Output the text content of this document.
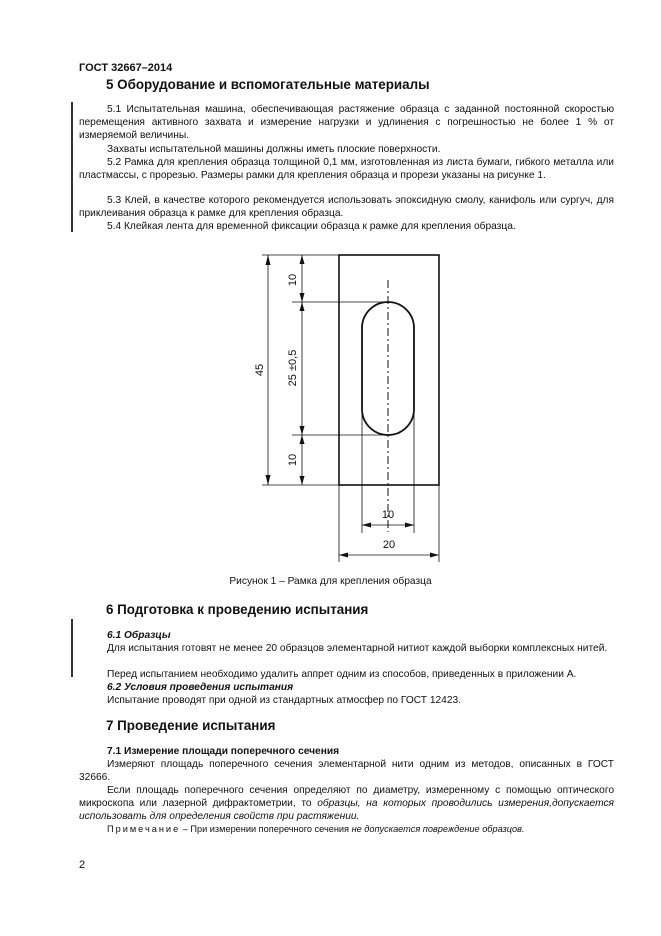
ГОСТ 32667–2014
5 Оборудование и вспомогательные материалы

5.1 Испытательная машина, обеспечивающая растяжение образца с заданной постоянной скоростью перемещения активного захвата и измерение нагрузки и удлинения с погрешностью не более 1 % от измеряемой величины.

Захваты испытательной машины должны иметь плоские поверхности.

5.2 Рамка для крепления образца толщиной 0,1 мм, изготовленная из листа бумаги, гибкого металла или пластмассы, с прорезью. Размеры рамки для крепления образца и прорези указаны на рисунке 1.

5.3 Клей, в качестве которого рекомендуется использовать эпоксидную смолу, канифоль или сургуч, для приклеивания образца к рамке для крепления образца.

5.4 Клейкая лента для временной фиксации образца к рамке для крепления образца.

45
10
25 ±0,5
10
10
20
Рисунок 1 – Рамка для крепления образца
6 Подготовка к проведению испытания

6.1 Образцы

Для испытания готовят не менее 20 образцов элементарной нитиот каждой выборки комплексных нитей.

Перед испытанием необходимо удалить аппрет одним из способов, приведенных в приложении А.

6.2 Условия проведения испытания

Испытание проводят при одной из стандартных атмосфер по ГОСТ 12423.

7 Проведение испытания

7.1 Измерение площади поперечного сечения

Измеряют площадь поперечного сечения элементарной нити одним из методов, описанных в ГОСТ 32666.

Если площадь поперечного сечения определяют по диаметру, измеренному с помощью оптического микроскопа или лазерной дифрактометрии, то образцы, на которых проводились измерения,допускается использовать для определения свойств при растяжении.

Примечание – При измерении поперечного сечения не допускается повреждение образцов.

2
